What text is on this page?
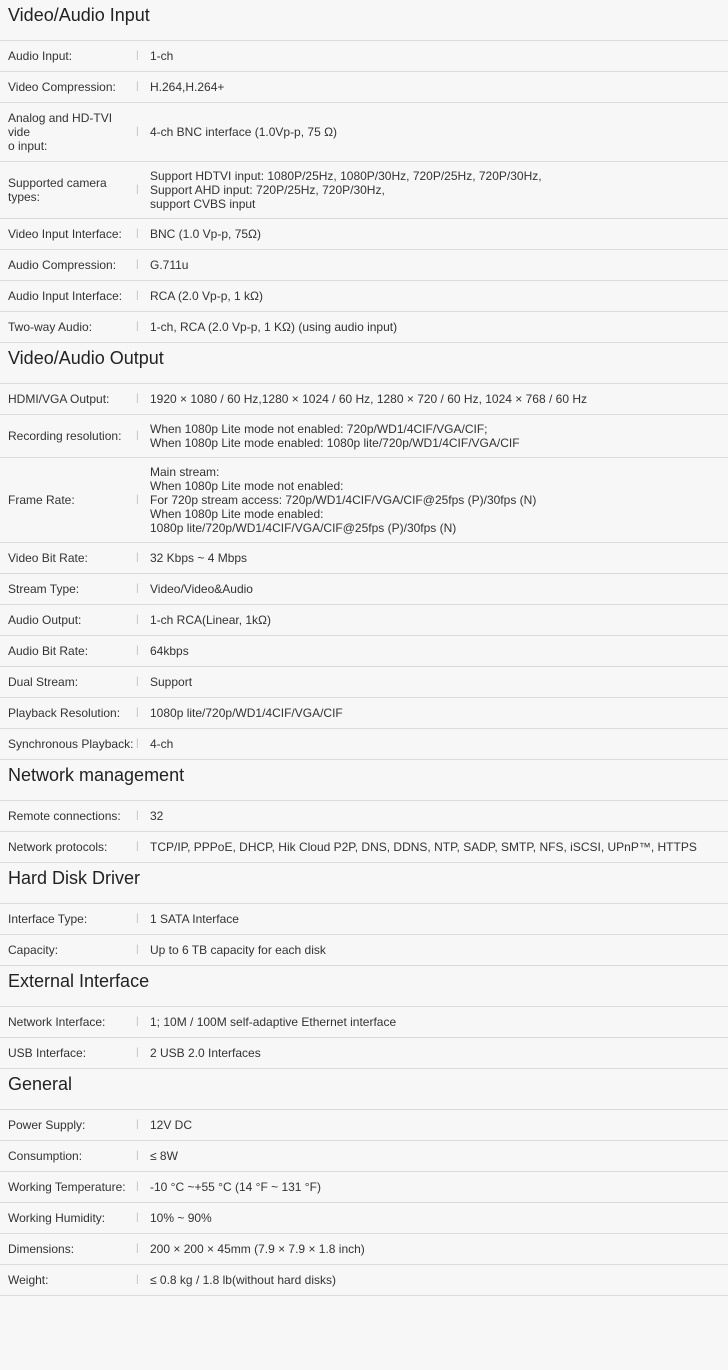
Video/Audio Input
Audio Input:	| 1-ch
Video Compression:	| H.264,H.264+
Analog and HD-TVI vide
o input:
| 4-ch BNC interface (1.0Vp-p, 75 Ω)
Supported camera types:
|
Support HDTVI input: 1080P/25Hz, 1080P/30Hz, 720P/25Hz, 720P/30Hz,
Support AHD input: 720P/25Hz, 720P/30Hz,
support CVBS input
Video Input Interface:	| BNC (1.0 Vp-p, 75Ω)
Audio Compression:	| G.711u
Audio Input Interface:	| RCA (2.0 Vp-p, 1 kΩ)
Two-way Audio:	| 1-ch, RCA (2.0 Vp-p, 1 KΩ) (using audio input)
Video/Audio Output
HDMI/VGA Output:	| 1920 × 1080 / 60 Hz,1280 × 1024 / 60 Hz, 1280 × 720 / 60 Hz, 1024 × 768 / 60 Hz
Recording resolution:	| When 1080p Lite mode not enabled: 720p/WD1/4CIF/VGA/CIF;
When 1080p Lite mode enabled: 1080p lite/720p/WD1/4CIF/VGA/CIF
Frame Rate:	|
Main stream:
When 1080p Lite mode not enabled:
For 720p stream access: 720p/WD1/4CIF/VGA/CIF@25fps (P)/30fps (N)
When 1080p Lite mode enabled:
1080p lite/720p/WD1/4CIF/VGA/CIF@25fps (P)/30fps (N)
Video Bit Rate:	| 32 Kbps ~ 4 Mbps
Stream Type:	| Video/Video&Audio
Audio Output:	| 1-ch RCA(Linear, 1kΩ)
Audio Bit Rate:	| 64kbps
Dual Stream:	| Support
Playback Resolution:	| 1080p lite/720p/WD1/4CIF/VGA/CIF
Synchronous Playback: | 4-ch
Network management
Remote connections:	| 32
Network protocols:	| TCP/IP, PPPoE, DHCP, Hik Cloud P2P, DNS, DDNS, NTP, SADP, SMTP, NFS, iSCSI, UPnP™, HTTPS
Hard Disk Driver
Interface Type:	| 1 SATA Interface
Capacity:	| Up to 6 TB capacity for each disk
External Interface
Network Interface:	| 1; 10M / 100M self-adaptive Ethernet interface
USB Interface:	| 2 USB 2.0 Interfaces
General
Power Supply:	| 12V DC
Consumption:	| ≤ 8W
Working Temperature:	| -10 °C ~+55 °C (14 °F ~ 131 °F)
Working Humidity:	| 10% ~ 90%
Dimensions:	| 200 × 200 × 45mm (7.9 × 7.9 × 1.8 inch)
Weight:	| ≤ 0.8 kg / 1.8 lb(without hard disks)
